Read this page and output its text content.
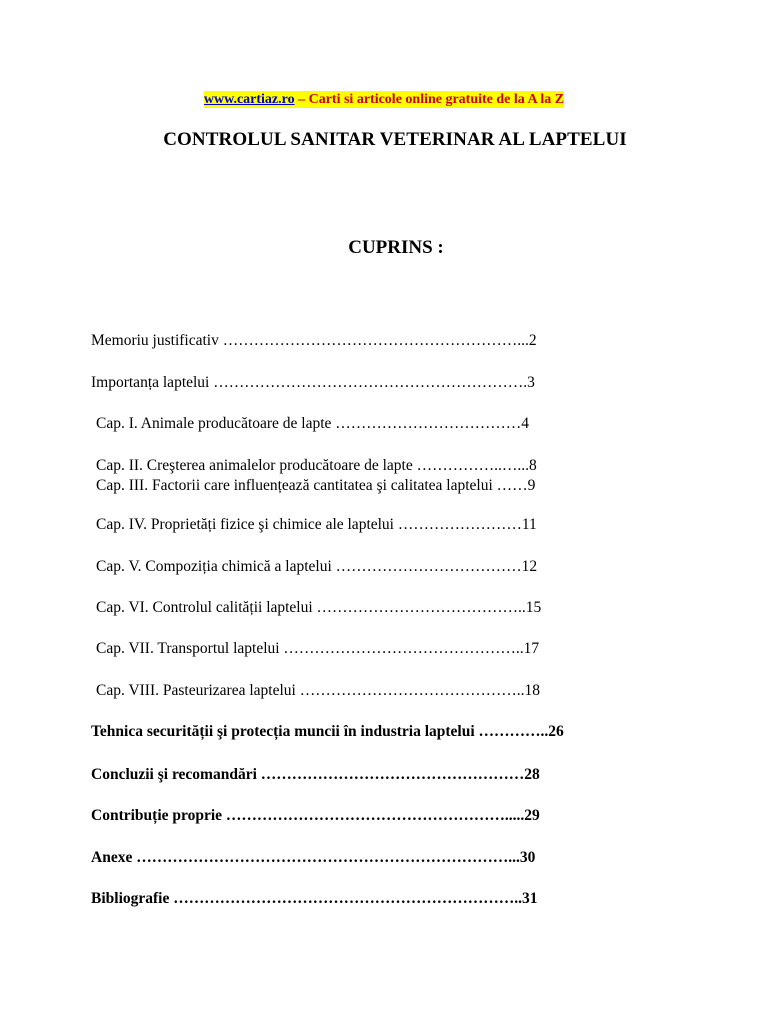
www.cartiaz.ro – Carti si articole online gratuite de la A la Z
CONTROLUL SANITAR VETERINAR AL LAPTELUI
CUPRINS :
Memoriu justificativ …………………………………………………...2
Importanța laptelui …………………………………………………….3
Cap. I. Animale producătoare de lapte ………………………………4
Cap. II. Creşterea animalelor producătoare de lapte ……………..…...8
Cap. III. Factorii care influențează cantitatea şi calitatea laptelui ……9
Cap. IV. Proprietăți fizice şi chimice ale laptelui ……………………11
Cap. V. Compoziția chimică a laptelui ………………………………12
Cap. VI. Controlul calității laptelui …………………………………..15
Cap. VII. Transportul laptelui ………………………………………..17
Cap. VIII. Pasteurizarea laptelui ……………………………………..18
Tehnica securității şi protecția muncii în industria laptelui …………..26
Concluzii şi recomandări ……………………………………………28
Contribuție proprie ……………………………………………….....29
Anexe ………………………………………………………………...30
Bibliografie …………………………………………………………..31
